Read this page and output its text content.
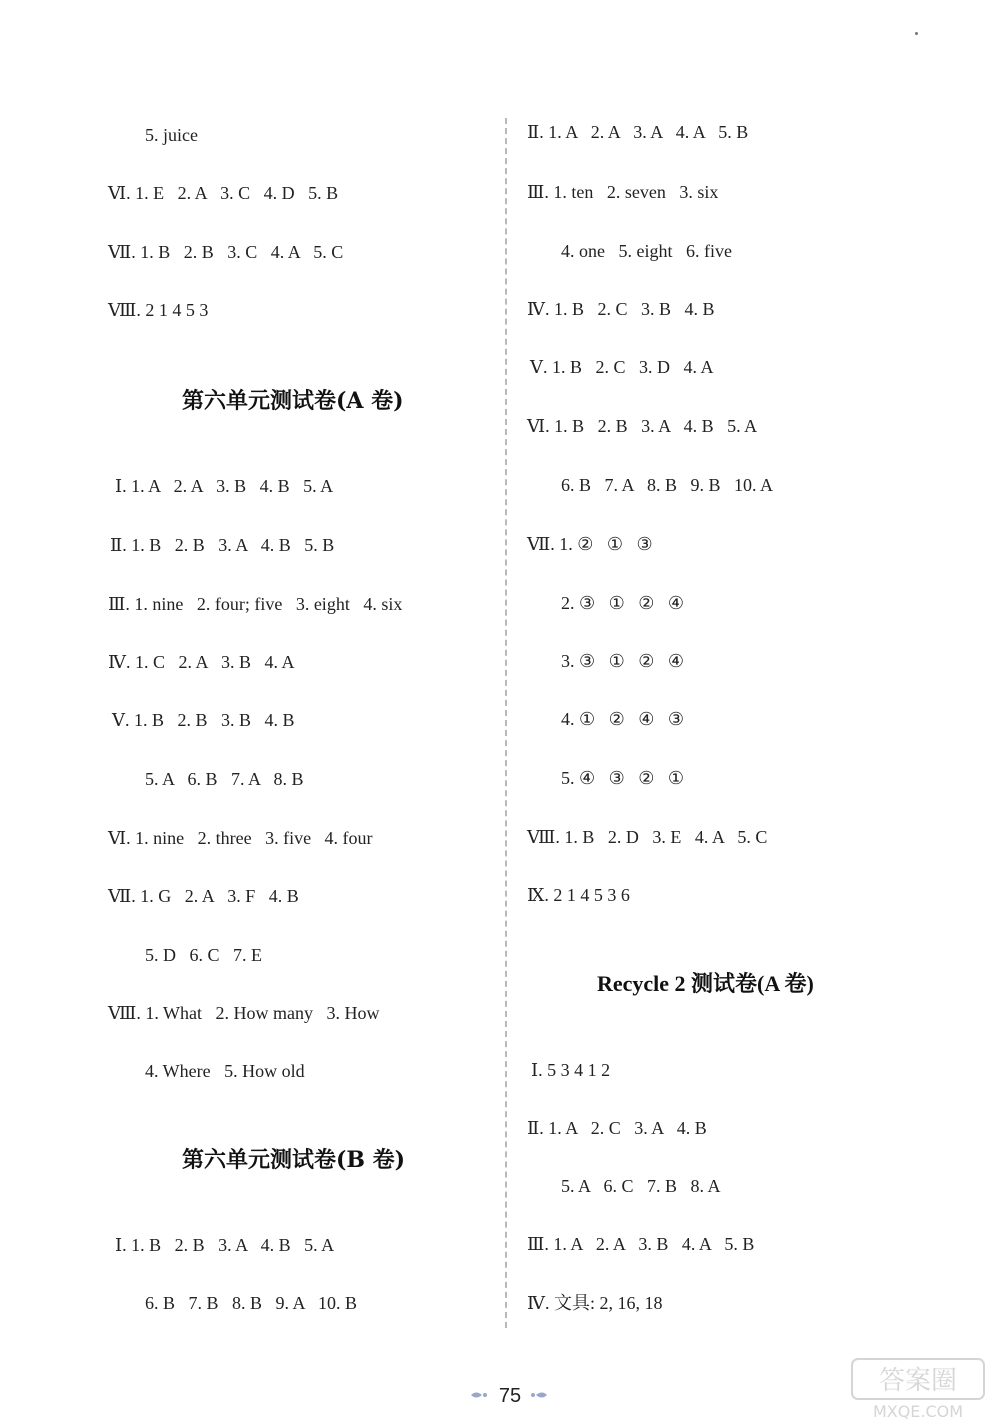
5. juice
Ⅵ. 1. E   2. A   3. C   4. D   5. B
Ⅶ. 1. B   2. B   3. C   4. A   5. C
Ⅷ. 2 1 4 5 3
第六单元测试卷(A 卷)
Ⅰ. 1. A   2. A   3. B   4. B   5. A
Ⅱ. 1. B   2. B   3. A   4. B   5. B
Ⅲ. 1. nine   2. four; five   3. eight   4. six
Ⅳ. 1. C   2. A   3. B   4. A
Ⅴ. 1. B   2. B   3. B   4. B
5. A   6. B   7. A   8. B
Ⅵ. 1. nine   2. three   3. five   4. four
Ⅶ. 1. G   2. A   3. F   4. B
5. D   6. C   7. E
Ⅷ. 1. What   2. How many   3. How
4. Where   5. How old
第六单元测试卷(B 卷)
Ⅰ. 1. B   2. B   3. A   4. B   5. A
6. B   7. B   8. B   9. A   10. B
Ⅱ. 1. A   2. A   3. A   4. A   5. B
Ⅲ. 1. ten   2. seven   3. six
4. one   5. eight   6. five
Ⅳ. 1. B   2. C   3. B   4. B
Ⅴ. 1. B   2. C   3. D   4. A
Ⅵ. 1. B   2. B   3. A   4. B   5. A
6. B   7. A   8. B   9. B   10. A
Ⅶ. 1. ②   ①   ③
2. ③   ①   ②   ④
3. ③   ①   ②   ④
4. ①   ②   ④   ③
5. ④   ③   ②   ①
Ⅷ. 1. B   2. D   3. E   4. A   5. C
Ⅸ. 2 1 4 5 3 6
Recycle 2 测试卷(A 卷)
Ⅰ. 5 3 4 1 2
Ⅱ. 1. A   2. C   3. A   4. B
5. A   6. C   7. B   8. A
Ⅲ. 1. A   2. A   3. B   4. A   5. B
Ⅳ. 文具: 2, 16, 18
75	答案圈
MXQE.COM
